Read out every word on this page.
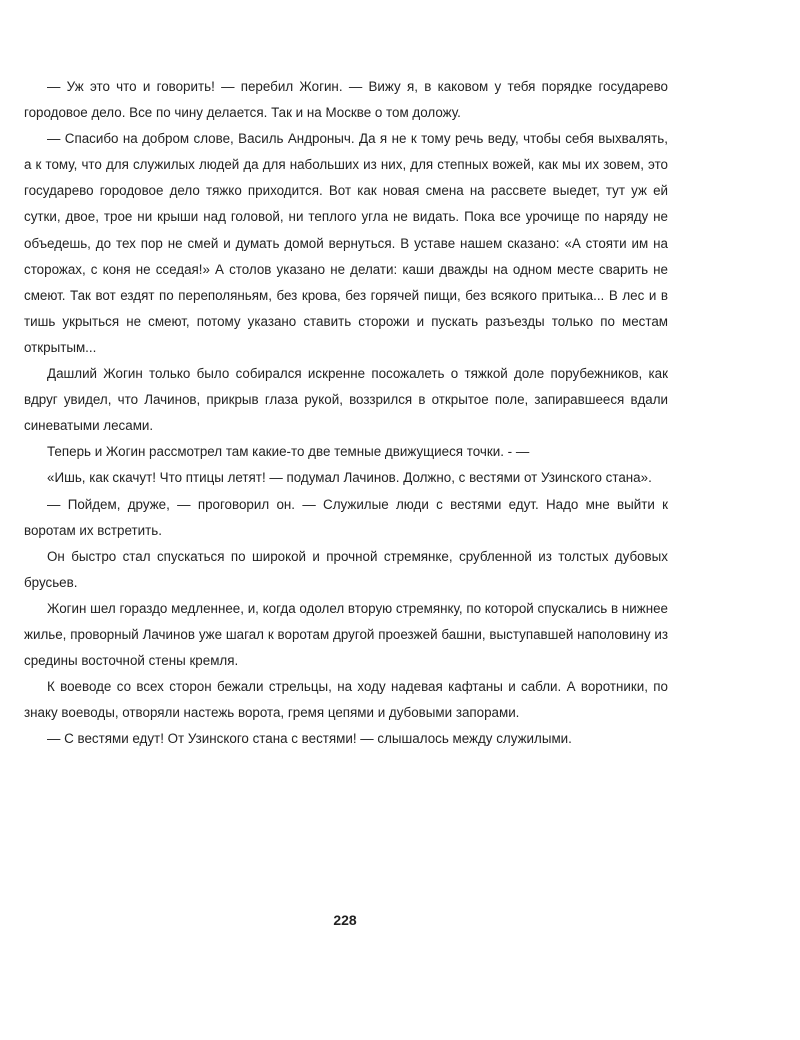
— Уж это что и говорить! — перебил Жогин. — Вижу я, в каковом у тебя порядке государево городовое дело. Все по чину делается. Так и на Москве о том доложу.

— Спасибо на добром слове, Василь Андроныч. Да я не к тому речь веду, чтобы себя выхвалять, а к тому, что для служилых людей да для набольших из них, для степных вожей, как мы их зовем, это государево городовое дело тяжко приходится. Вот как новая смена на рассвете выедет, тут уж ей сутки, двое, трое ни крыши над головой, ни теплого угла не видать. Пока все урочище по наряду не объедешь, до тех пор не смей и думать домой вернуться. В уставе нашем сказано: «А стояти им на сторожах, с коня не сседая!» А столов указано не делати: каши дважды на одном месте сварить не смеют. Так вот ездят по переполяньям, без крова, без горячей пищи, без всякого притыка... В лес и в тишь укрыться не смеют, потому указано ставить сторожи и пускать разъезды только по местам открытым...

Дашлий Жогин только было собирался искренне посожалеть о тяжкой доле порубежников, как вдруг увидел, что Лачинов, прикрыв глаза рукой, воззрился в открытое поле, запиравшееся вдали синеватыми лесами.

Теперь и Жогин рассмотрел там какие-то две темные движущиеся точки. - —

«Ишь, как скачут! Что птицы летят! — подумал Лачинов. Должно, с вестями от Узинского стана».

— Пойдем, друже, — проговорил он. — Служилые люди с вестями едут. Надо мне выйти к воротам их встретить.

Он быстро стал спускаться по широкой и прочной стремянке, срубленной из толстых дубовых брусьев.

Жогин шел гораздо медленнее, и, когда одолел вторую стремянку, по которой спускались в нижнее жилье, проворный Лачинов уже шагал к воротам другой проезжей башни, выступавшей наполовину из средины восточной стены кремля.

К воеводе со всех сторон бежали стрельцы, на ходу надевая кафтаны и сабли. А воротники, по знаку воеводы, отворяли настежь ворота, гремя цепями и дубовыми запорами.

— С вестями едут! От Узинского стана с вестями! — слышалось между служилыми.

228
